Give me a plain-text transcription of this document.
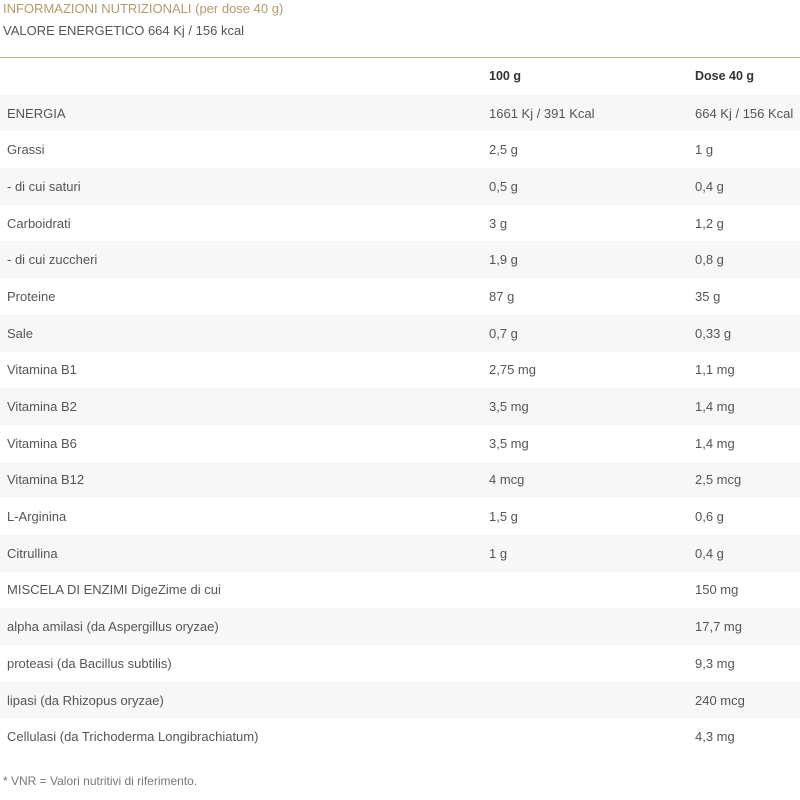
INFORMAZIONI NUTRIZIONALI (per dose 40 g)
VALORE ENERGETICO 664 Kj / 156 kcal
	100 g	Dose 40 g
ENERGIA	1661 Kj / 391 Kcal	664 Kj / 156 Kcal
Grassi	2,5 g	1 g
- di cui saturi	0,5 g	0,4 g
Carboidrati	3 g	1,2 g
- di cui zuccheri	1,9 g	0,8 g
Proteine	87 g	35 g
Sale	0,7 g	0,33 g
Vitamina B1	2,75 mg	1,1 mg
Vitamina B2	3,5 mg	1,4 mg
Vitamina B6	3,5 mg	1,4 mg
Vitamina B12	4 mcg	2,5 mcg
L-Arginina	1,5 g	0,6 g
Citrullina	1 g	0,4 g
MISCELA DI ENZIMI DigeZime di cui		150 mg
alpha amilasi (da Aspergillus oryzae)		17,7 mg
proteasi (da Bacillus subtilis)		9,3 mg
lipasi (da Rhizopus oryzae)		240 mcg
Cellulasi (da Trichoderma Longibrachiatum)		4,3 mg
* VNR = Valori nutritivi di riferimento.
